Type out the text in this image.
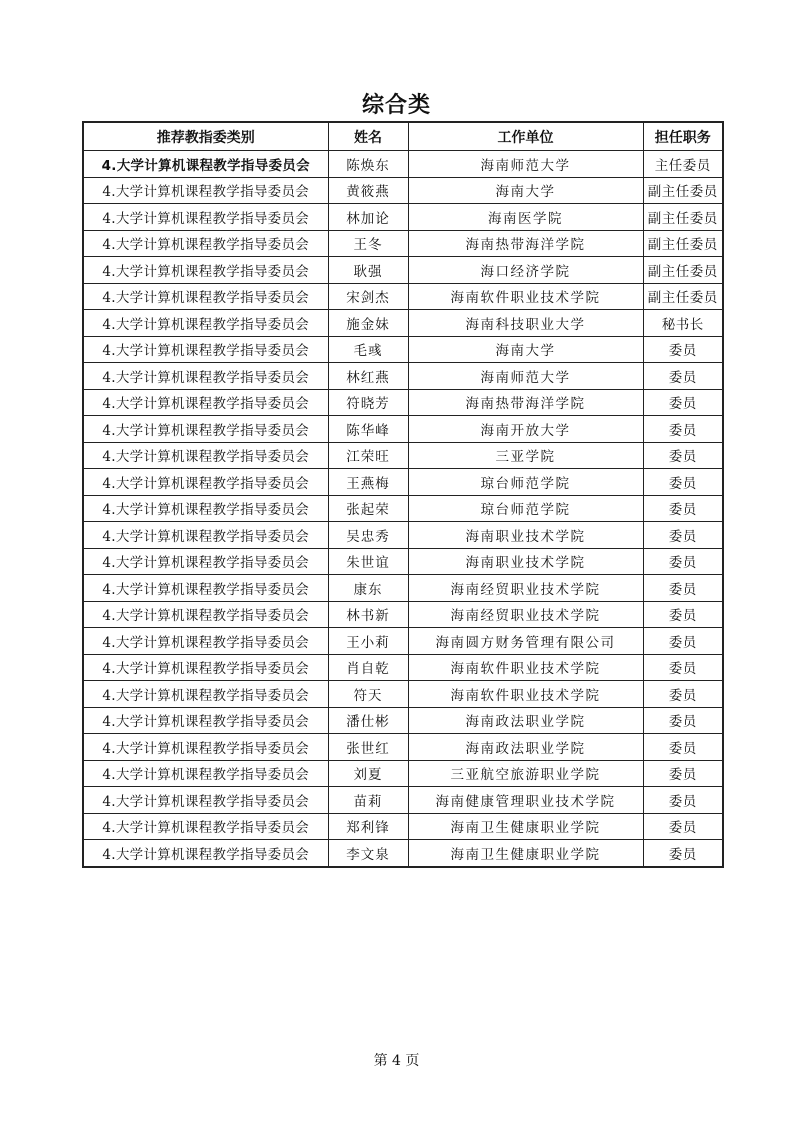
综合类
推荐教指委类别	姓名	工作单位	担任职务
4.大学计算机课程教学指导委员会	陈焕东	海南师范大学	主任委员
4.大学计算机课程教学指导委员会	黄筱燕	海南大学	副主任委员
4.大学计算机课程教学指导委员会	林加论	海南医学院	副主任委员
4.大学计算机课程教学指导委员会	王冬	海南热带海洋学院	副主任委员
4.大学计算机课程教学指导委员会	耿强	海口经济学院	副主任委员
4.大学计算机课程教学指导委员会	宋剑杰	海南软件职业技术学院	副主任委员
4.大学计算机课程教学指导委员会	施金妹	海南科技职业大学	秘书长
4.大学计算机课程教学指导委员会	毛彧	海南大学	委员
4.大学计算机课程教学指导委员会	林红燕	海南师范大学	委员
4.大学计算机课程教学指导委员会	符晓芳	海南热带海洋学院	委员
4.大学计算机课程教学指导委员会	陈华峰	海南开放大学	委员
4.大学计算机课程教学指导委员会	江荣旺	三亚学院	委员
4.大学计算机课程教学指导委员会	王燕梅	琼台师范学院	委员
4.大学计算机课程教学指导委员会	张起荣	琼台师范学院	委员
4.大学计算机课程教学指导委员会	吴忠秀	海南职业技术学院	委员
4.大学计算机课程教学指导委员会	朱世谊	海南职业技术学院	委员
4.大学计算机课程教学指导委员会	康东	海南经贸职业技术学院	委员
4.大学计算机课程教学指导委员会	林书新	海南经贸职业技术学院	委员
4.大学计算机课程教学指导委员会	王小莉	海南圆方财务管理有限公司	委员
4.大学计算机课程教学指导委员会	肖自乾	海南软件职业技术学院	委员
4.大学计算机课程教学指导委员会	符天	海南软件职业技术学院	委员
4.大学计算机课程教学指导委员会	潘仕彬	海南政法职业学院	委员
4.大学计算机课程教学指导委员会	张世红	海南政法职业学院	委员
4.大学计算机课程教学指导委员会	刘夏	三亚航空旅游职业学院	委员
4.大学计算机课程教学指导委员会	苗莉	海南健康管理职业技术学院	委员
4.大学计算机课程教学指导委员会	郑利锋	海南卫生健康职业学院	委员
4.大学计算机课程教学指导委员会	李文泉	海南卫生健康职业学院	委员
第 4 页
